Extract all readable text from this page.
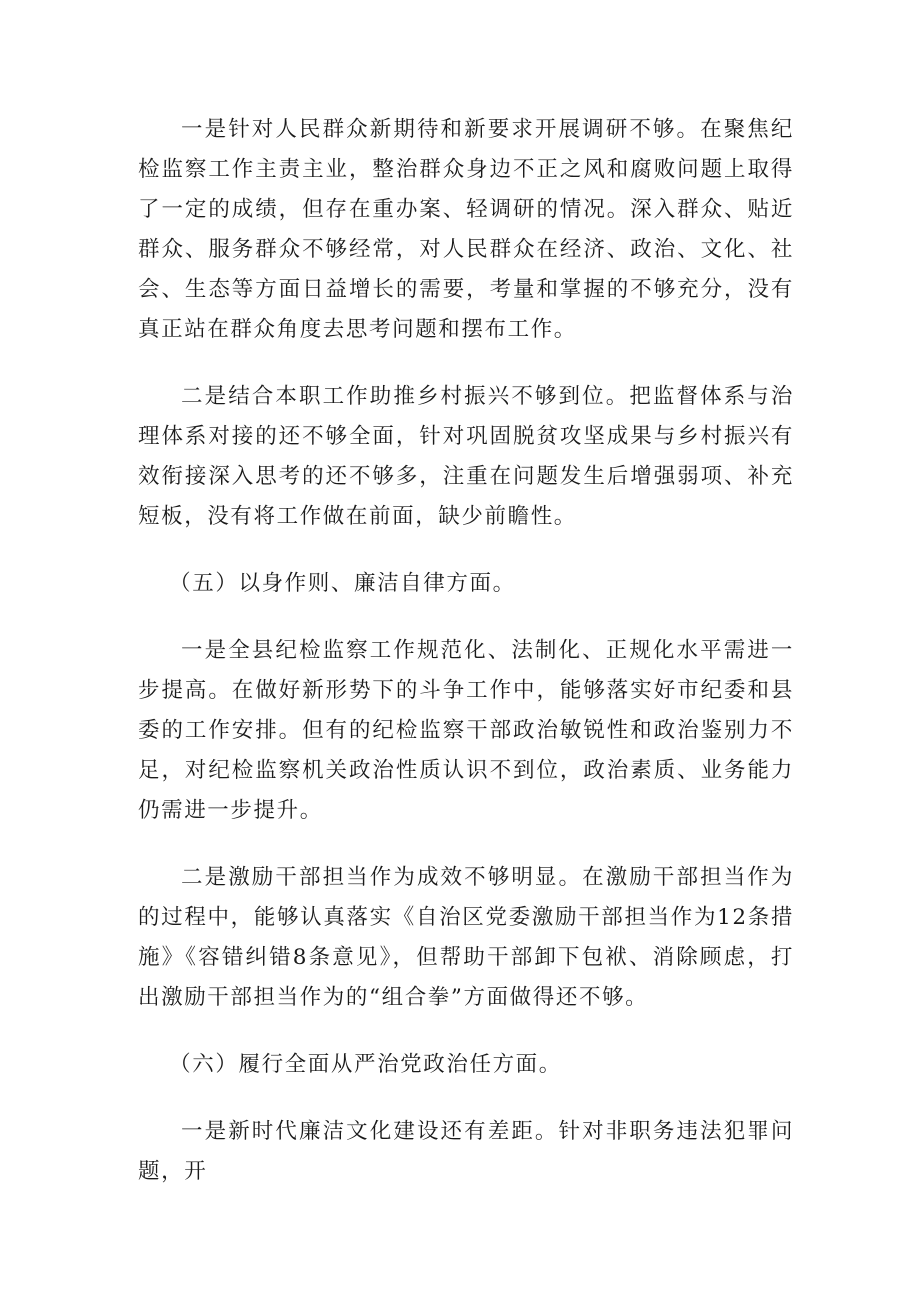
一是针对人民群众新期待和新要求开展调研不够。在聚焦纪检监察工作主责主业，整治群众身边不正之风和腐败问题上取得了一定的成绩，但存在重办案、轻调研的情况。深入群众、贴近群众、服务群众不够经常，对人民群众在经济、政治、文化、社会、生态等方面日益增长的需要，考量和掌握的不够充分，没有真正站在群众角度去思考问题和摆布工作。

二是结合本职工作助推乡村振兴不够到位。把监督体系与治理体系对接的还不够全面，针对巩固脱贫攻坚成果与乡村振兴有效衔接深入思考的还不够多，注重在问题发生后增强弱项、补充短板，没有将工作做在前面，缺少前瞻性。

（五）以身作则、廉洁自律方面。

一是全县纪检监察工作规范化、法制化、正规化水平需进一步提高。在做好新形势下的斗争工作中，能够落实好市纪委和县委的工作安排。但有的纪检监察干部政治敏锐性和政治鉴别力不足，对纪检监察机关政治性质认识不到位，政治素质、业务能力仍需进一步提升。

二是激励干部担当作为成效不够明显。在激励干部担当作为的过程中，能够认真落实《自治区党委激励干部担当作为12条措施》《容错纠错8条意见》，但帮助干部卸下包袱、消除顾虑，打出激励干部担当作为的“组合拳”方面做得还不够。

（六）履行全面从严治党政治任方面。

一是新时代廉洁文化建设还有差距。针对非职务违法犯罪问题，开
